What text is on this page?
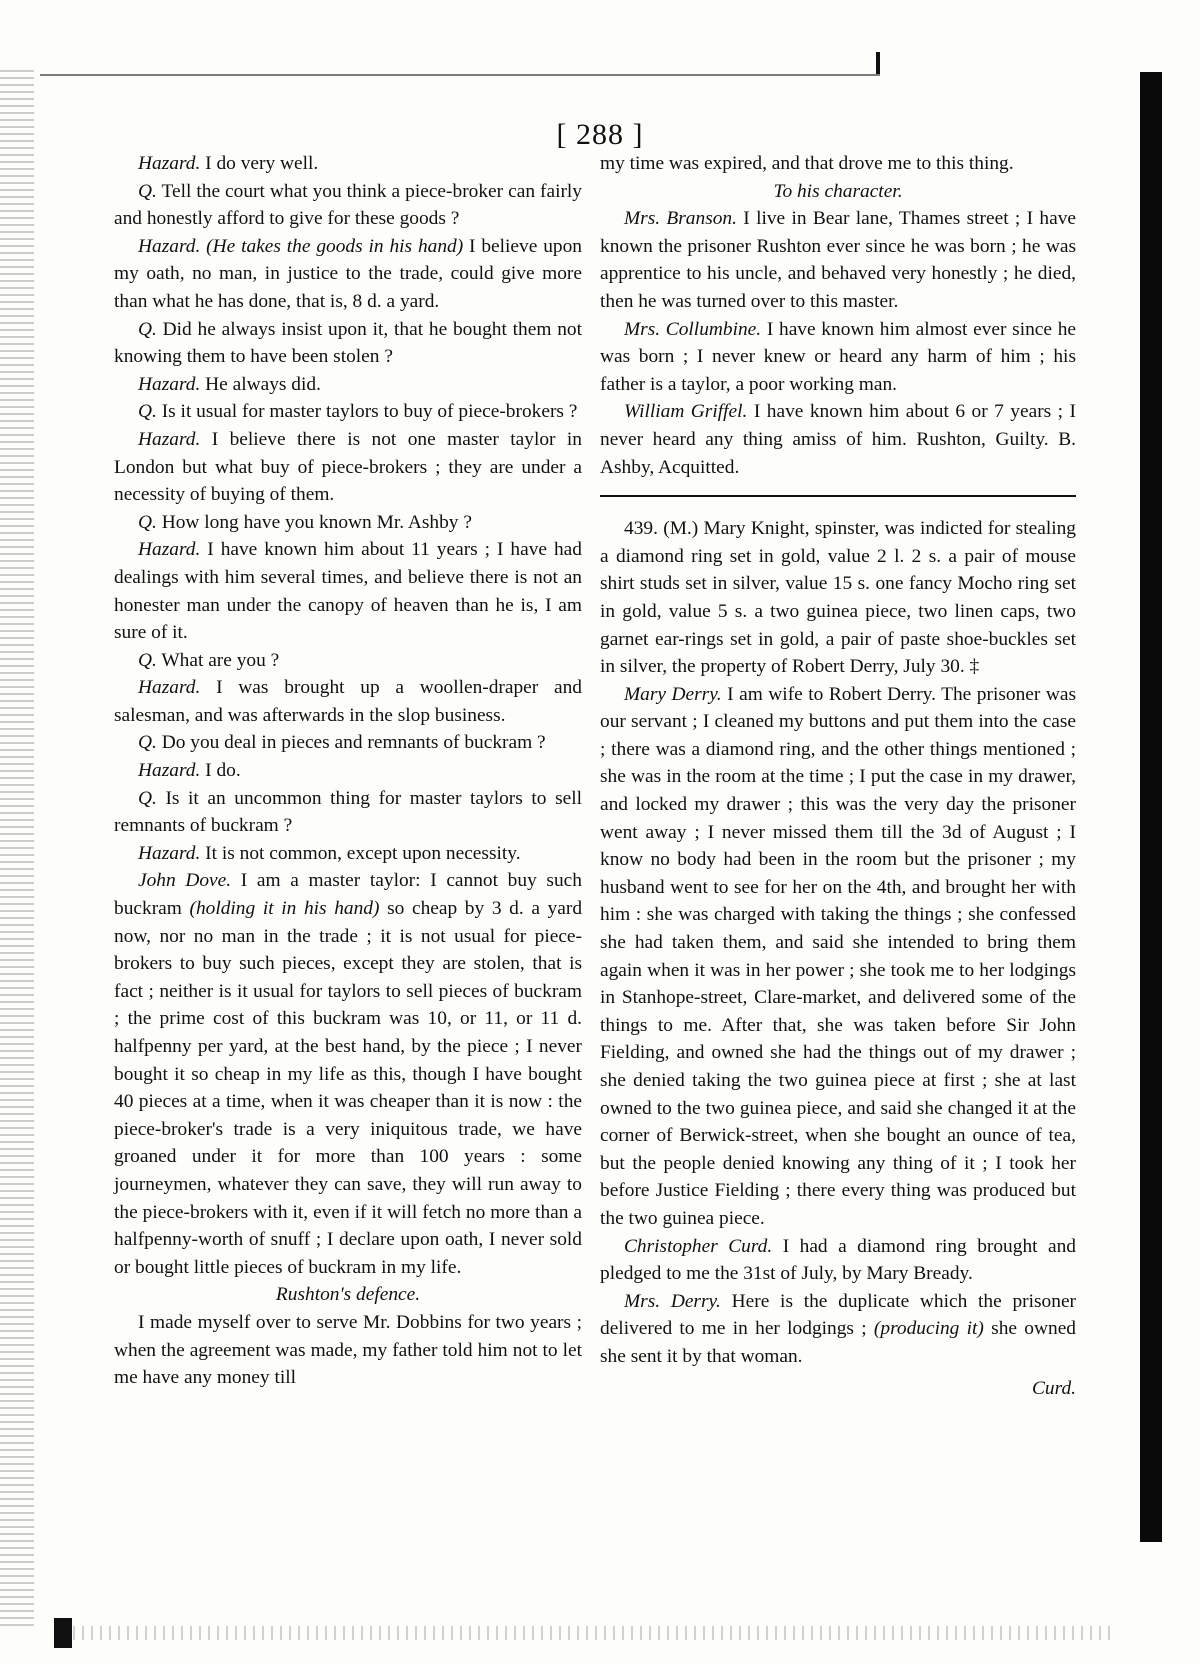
[ 288 ]

Hazard. I do very well.

Q. Tell the court what you think a piece-broker can fairly and honestly afford to give for these goods ?

Hazard. (He takes the goods in his hand) I believe upon my oath, no man, in justice to the trade, could give more than what he has done, that is, 8 d. a yard.

Q. Did he always insist upon it, that he bought them not knowing them to have been stolen ?

Hazard. He always did.

Q. Is it usual for master taylors to buy of piece-brokers ?

Hazard. I believe there is not one master taylor in London but what buy of piece-brokers ; they are under a necessity of buying of them.

Q. How long have you known Mr. Ashby ?

Hazard. I have known him about 11 years ; I have had dealings with him several times, and believe there is not an honester man under the canopy of heaven than he is, I am sure of it.

Q. What are you ?

Hazard. I was brought up a woollen-draper and salesman, and was afterwards in the slop business.

Q. Do you deal in pieces and remnants of buckram ?

Hazard. I do.

Q. Is it an uncommon thing for master taylors to sell remnants of buckram ?

Hazard. It is not common, except upon necessity.

John Dove. I am a master taylor: I cannot buy such buckram (holding it in his hand) so cheap by 3 d. a yard now, nor no man in the trade ; it is not usual for piece-brokers to buy such pieces, except they are stolen, that is fact ; neither is it usual for taylors to sell pieces of buckram ; the prime cost of this buckram was 10, or 11, or 11 d. halfpenny per yard, at the best hand, by the piece ; I never bought it so cheap in my life as this, though I have bought 40 pieces at a time, when it was cheaper than it is now : the piece-broker's trade is a very iniquitous trade, we have groaned under it for more than 100 years : some journeymen, whatever they can save, they will run away to the piece-brokers with it, even if it will fetch no more than a halfpenny-worth of snuff ; I declare upon oath, I never sold or bought little pieces of buckram in my life.

Rushton's defence.

I made myself over to serve Mr. Dobbins for two years ; when the agreement was made, my father told him not to let me have any money till

my time was expired, and that drove me to this thing.

To his character.

Mrs. Branson. I live in Bear lane, Thames street ; I have known the prisoner Rushton ever since he was born ; he was apprentice to his uncle, and behaved very honestly ; he died, then he was turned over to this master.

Mrs. Collumbine. I have known him almost ever since he was born ; I never knew or heard any harm of him ; his father is a taylor, a poor working man.

William Griffel. I have known him about 6 or 7 years ; I never heard any thing amiss of him. Rushton, Guilty. B. Ashby, Acquitted.

439. (M.) Mary Knight, spinster, was indicted for stealing a diamond ring set in gold, value 2 l. 2 s. a pair of mouse shirt studs set in silver, value 15 s. one fancy Mocho ring set in gold, value 5 s. a two guinea piece, two linen caps, two garnet ear-rings set in gold, a pair of paste shoe-buckles set in silver, the property of Robert Derry, July 30. ‡

Mary Derry. I am wife to Robert Derry. The prisoner was our servant ; I cleaned my buttons and put them into the case ; there was a diamond ring, and the other things mentioned ; she was in the room at the time ; I put the case in my drawer, and locked my drawer ; this was the very day the prisoner went away ; I never missed them till the 3d of August ; I know no body had been in the room but the prisoner ; my husband went to see for her on the 4th, and brought her with him : she was charged with taking the things ; she confessed she had taken them, and said she intended to bring them again when it was in her power ; she took me to her lodgings in Stanhope-street, Clare-market, and delivered some of the things to me. After that, she was taken before Sir John Fielding, and owned she had the things out of my drawer ; she denied taking the two guinea piece at first ; she at last owned to the two guinea piece, and said she changed it at the corner of Berwick-street, when she bought an ounce of tea, but the people denied knowing any thing of it ; I took her before Justice Fielding ; there every thing was produced but the two guinea piece.

Christopher Curd. I had a diamond ring brought and pledged to me the 31st of July, by Mary Bready.

Mrs. Derry. Here is the duplicate which the prisoner delivered to me in her lodgings ; (producing it) she owned she sent it by that woman.

Curd.
